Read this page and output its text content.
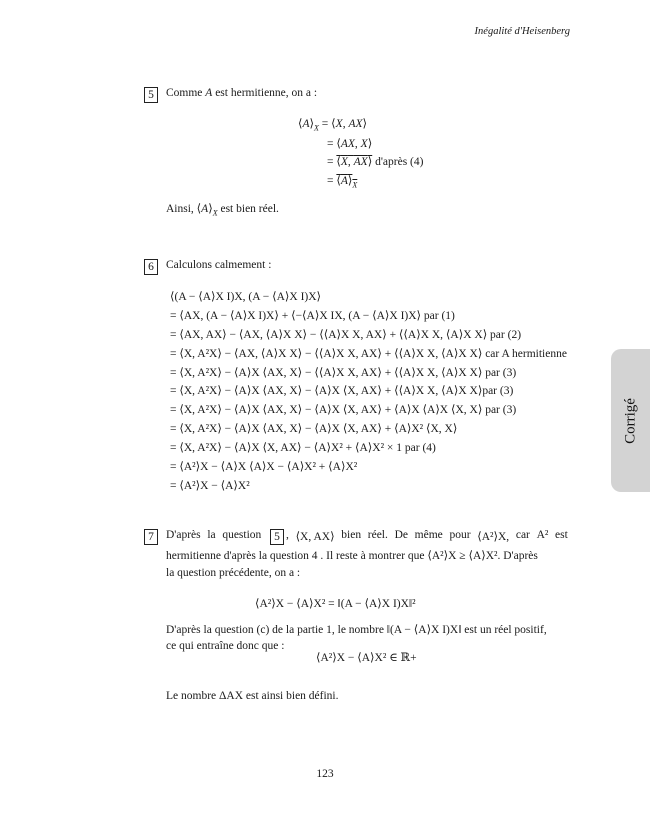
Inégalité d'Heisenberg
Corrigé
5	Comme A est hermitienne, on a :
$⟨A⟩_X$ = ⟨X, AX⟩
= ⟨AX, X⟩
= ⟨X, AX⟩ d'après (4)
= $⟨A⟩_X$
Ainsi, $⟨A⟩_X$ est bien réel.
6	Calculons calmement :
⟨(A − ⟨A⟩X I)X, (A − ⟨A⟩X I)X⟩
= ⟨AX, (A − ⟨A⟩X I)X⟩ + ⟨−⟨A⟩X IX, (A − ⟨A⟩X I)X⟩ par (1)
= ⟨AX, AX⟩ − ⟨AX, ⟨A⟩X X⟩ − ⟨⟨A⟩X X, AX⟩ + ⟨⟨A⟩X X, ⟨A⟩X X⟩ par (2)
= ⟨X, A²X⟩ − ⟨AX, ⟨A⟩X X⟩ − ⟨⟨A⟩X X, AX⟩ + ⟨⟨A⟩X X, ⟨A⟩X X⟩ car A hermitienne
= ⟨X, A²X⟩ − ⟨A⟩X ⟨AX, X⟩ − ⟨⟨A⟩X X, AX⟩ + ⟨⟨A⟩X X, ⟨A⟩X X⟩ par (3)
= ⟨X, A²X⟩ − ⟨A⟩X ⟨AX, X⟩ − ⟨A⟩X ⟨X, AX⟩ + ⟨⟨A⟩X X, ⟨A⟩X X⟩par (3)
= ⟨X, A²X⟩ − ⟨A⟩X ⟨AX, X⟩ − ⟨A⟩X ⟨X, AX⟩ + ⟨A⟩X ⟨A⟩X ⟨X, X⟩ par (3)
= ⟨X, A²X⟩ − ⟨A⟩X ⟨AX, X⟩ − ⟨A⟩X ⟨X, AX⟩ + ⟨A⟩X² ⟨X, X⟩
= ⟨X, A²X⟩ − ⟨A⟩X ⟨X, AX⟩ − ⟨A⟩X² + ⟨A⟩X² × 1 par (4)
= ⟨A²⟩X − ⟨A⟩X ⟨A⟩X − ⟨A⟩X² + ⟨A⟩X²
= ⟨A²⟩X − ⟨A⟩X²
7	D'après la question	5 , ⟨X, AX⟩ bien réel. De même pour ⟨A²⟩X, car A² est
hermitienne d'après la question 4 . Il reste à montrer que ⟨A²⟩X ≥ ⟨A⟩X². D'après
la question précédente, on a :
⟨A²⟩X − ⟨A⟩X² = ‖(A − ⟨A⟩X I)X‖²
D'après la question (c) de la partie 1, le nombre ‖(A − ⟨A⟩X I)X‖ est un réel positif,
ce qui entraîne donc que :
⟨A²⟩X − ⟨A⟩X² ∈ ℝ+
Le nombre ΔAX est ainsi bien défini.
123
